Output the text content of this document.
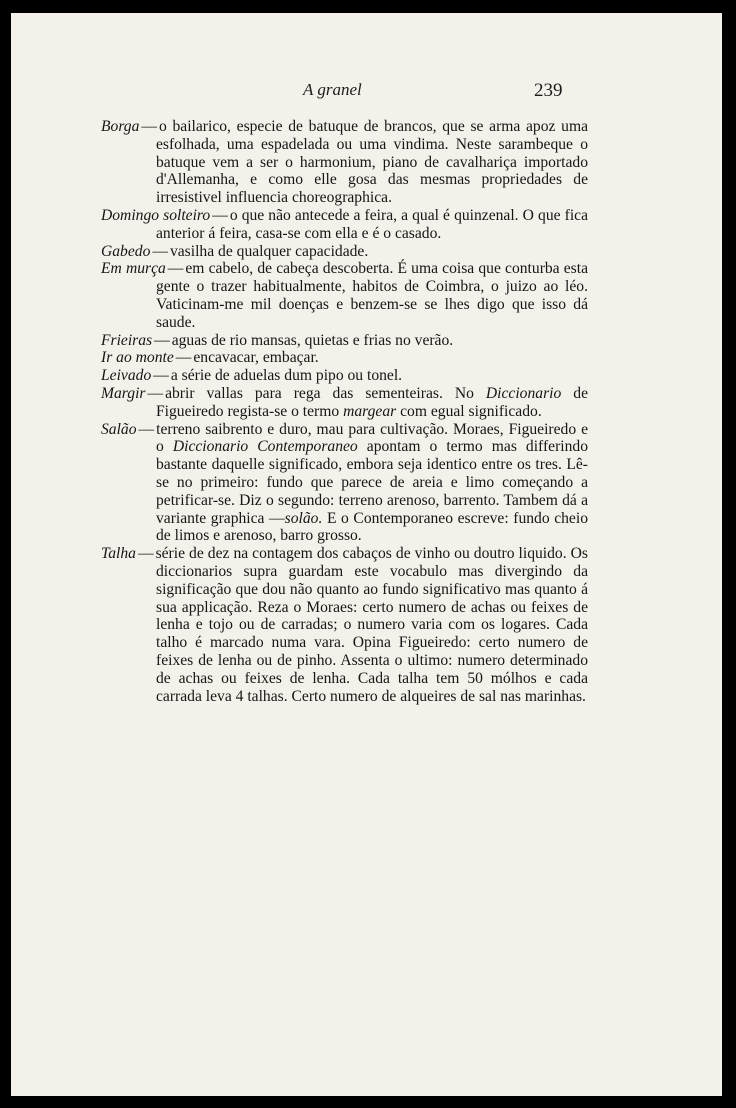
A granel	239

Borga — o bailarico, especie de batuque de brancos, que se arma apoz uma esfolhada, uma espadelada ou uma vindima. Neste sarambeque o batuque vem a ser o harmonium, piano de cavalhariça importado d'Allemanha, e como elle gosa das mesmas propriedades de irresistivel influencia choreographica.

Domingo solteiro — o que não antecede a feira, a qual é quinzenal. O que fica anterior á feira, casa-se com ella e é o casado.

Gabedo — vasilha de qualquer capacidade.

Em murça — em cabelo, de cabeça descoberta. É uma coisa que conturba esta gente o trazer habitualmente, habitos de Coimbra, o juizo ao léo. Vaticinam-me mil doenças e benzem-se se lhes digo que isso dá saude.

Frieiras — aguas de rio mansas, quietas e frias no verão.

Ir ao monte — encavacar, embaçar.

Leivado — a série de aduelas dum pipo ou tonel.

Margir — abrir vallas para rega das sementeiras. No Diccionario de Figueiredo regista-se o termo margear com egual significado.

Salão — terreno saibrento e duro, mau para cultivação. Moraes, Figueiredo e o Diccionario Contemporaneo apontam o termo mas differindo bastante daquelle significado, embora seja identico entre os tres. Lê-se no primeiro: fundo que parece de areia e limo começando a petrificar-se. Diz o segundo: terreno arenoso, barrento. Tambem dá a variante graphica —solão. E o Contemporaneo escreve: fundo cheio de limos e arenoso, barro grosso.

Talha — série de dez na contagem dos cabaços de vinho ou doutro liquido. Os diccionarios supra guardam este vocabulo mas divergindo da significação que dou não quanto ao fundo significativo mas quanto á sua applicação. Reza o Moraes: certo numero de achas ou feixes de lenha e tojo ou de carradas; o numero varia com os logares. Cada talho é marcado numa vara. Opina Figueiredo: certo numero de feixes de lenha ou de pinho. Assenta o ultimo: numero determinado de achas ou feixes de lenha. Cada talha tem 50 mólhos e cada carrada leva 4 talhas. Certo numero de alqueires de sal nas marinhas.
